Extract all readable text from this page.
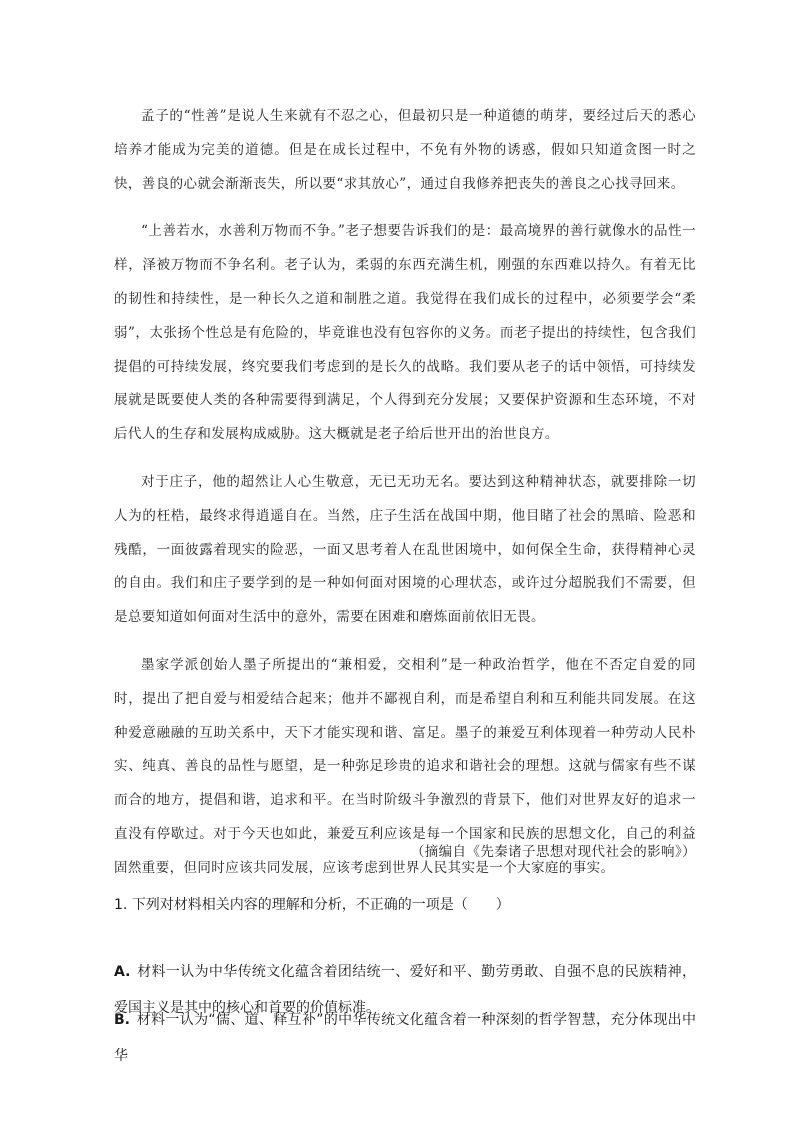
孟子的“性善”是说人生来就有不忍之心，但最初只是一种道德的萌芽，要经过后天的悉心培养才能成为完美的道德。但是在成长过程中，不免有外物的诱惑，假如只知道贪图一时之快，善良的心就会渐渐丧失，所以要“求其放心”，通过自我修养把丧失的善良之心找寻回来。

“上善若水，水善利万物而不争。”老子想要告诉我们的是：最高境界的善行就像水的品性一样，泽被万物而不争名利。老子认为，柔弱的东西充满生机，刚强的东西难以持久。有着无比的韧性和持续性，是一种长久之道和制胜之道。我觉得在我们成长的过程中，必须要学会“柔弱”，太张扬个性总是有危险的，毕竟谁也没有包容你的义务。而老子提出的持续性，包含我们提倡的可持续发展，终究要我们考虑到的是长久的战略。我们要从老子的话中领悟，可持续发展就是既要使人类的各种需要得到满足，个人得到充分发展；又要保护资源和生态环境，不对后代人的生存和发展构成威胁。这大概就是老子给后世开出的治世良方。

对于庄子，他的超然让人心生敬意，无已无功无名。要达到这种精神状态，就要排除一切人为的枉梏，最终求得逍遥自在。当然，庄子生活在战国中期，他目睹了社会的黑暗、险恶和残酷，一面彼露着现实的险恶，一面又思考着人在乱世困境中，如何保全生命，获得精神心灵的自由。我们和庄子要学到的是一种如何面对困境的心理状态，或许过分超脱我们不需要，但是总要知道如何面对生活中的意外，需要在困难和磨炼面前依旧无畏。

墨家学派创始人墨子所提出的“兼相爱，交相利”是一种政治哲学，他在不否定自爱的同时，提出了把自爱与相爱结合起来；他并不鄙视自利，而是希望自利和互利能共同发展。在这种爱意融融的互助关系中，天下才能实现和谐、富足。墨子的兼爱互利体现着一种劳动人民朴实、纯真、善良的品性与愿望，是一种弥足珍贵的追求和谐社会的理想。这就与儒家有些不谋而合的地方，提倡和谐，追求和平。在当时阶级斗争激烈的背景下，他们对世界友好的追求一直没有停歇过。对于今天也如此，兼爱互利应该是每一个国家和民族的思想文化，自己的利益固然重要，但同时应该共同发展，应该考虑到世界人民其实是一个大家庭的事实。

（摘编自《先秦诸子思想对现代社会的影响》）
1. 下列对材料相关内容的理解和分析，不正确的一项是（　　）
A. 材料一认为中华传统文化蕴含着团结统一、爱好和平、勤劳勇敢、自强不息的民族精神，爱国主义是其中的核心和首要的价值标准。
B. 材料一认为“儒、道、释互补”的中华传统文化蕴含着一种深刻的哲学智慧，充分体现出中华
